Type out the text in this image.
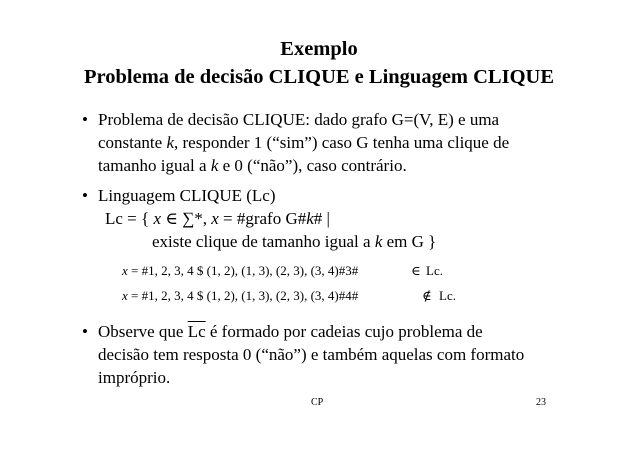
Exemplo
Problema de decisão CLIQUE e Linguagem CLIQUE
• Problema de decisão CLIQUE: dado grafo G=(V, E) e uma
constante k, responder 1 (“sim”) caso G tenha uma clique de
tamanho igual a k e 0 (“não”), caso contrário.
• Linguagem CLIQUE (Lc)
Lc = { x ∈ ∑*, x = #grafo G#k# |
existe clique de tamanho igual a k em G }
x = #1, 2, 3, 4 $ (1, 2), (1, 3), (2, 3), (3, 4)#3#	∈ Lc.
x = #1, 2, 3, 4 $ (1, 2), (1, 3), (2, 3), (3, 4)#4#	∉ Lc.
• Observe que $\overline{Lc}$ é formado por cadeias cujo problema de
decisão tem resposta 0 (“não”) e também aquelas com formato
impróprio.
CP	23
